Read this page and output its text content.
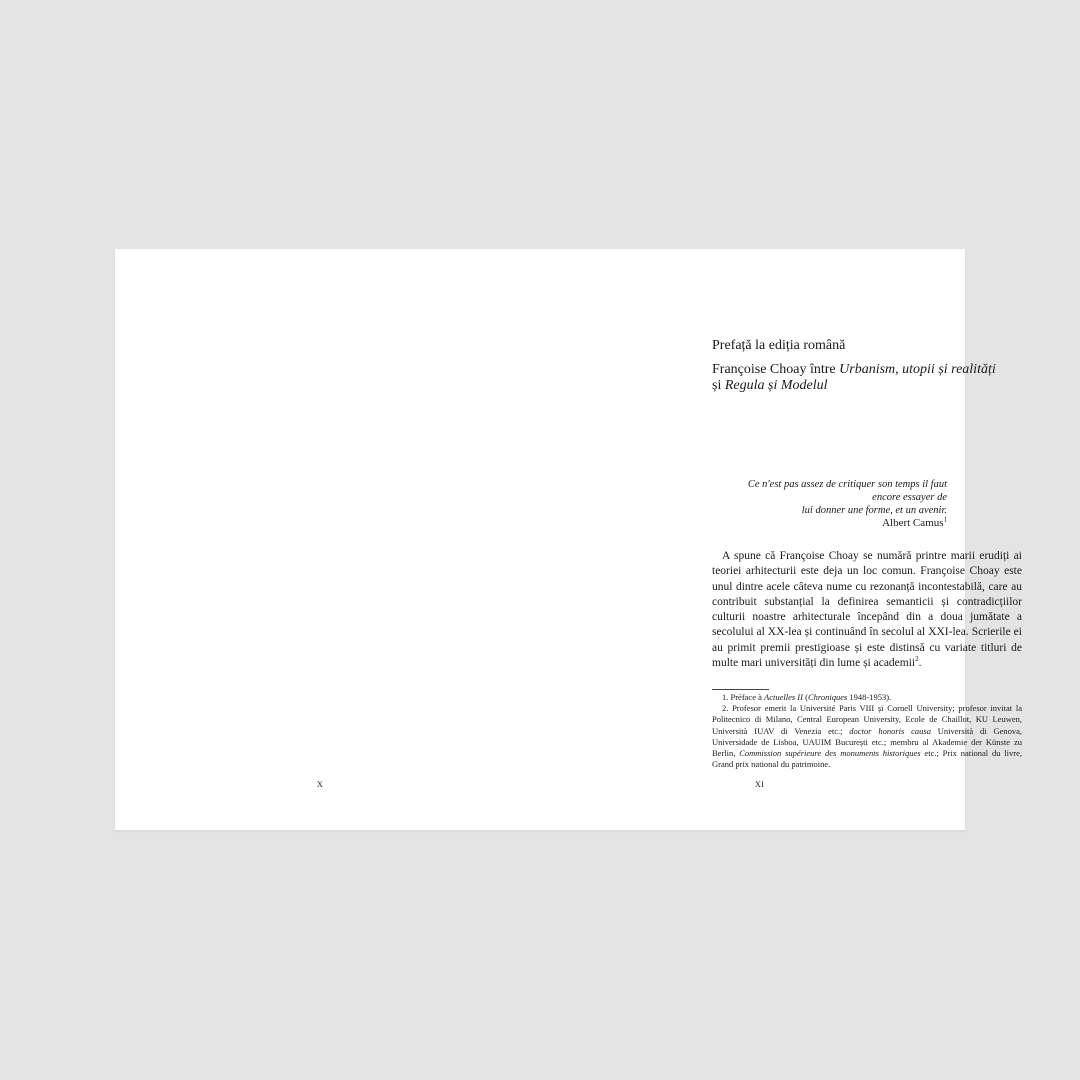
X
Prefață la ediția română
Françoise Choay între Urbanism, utopii și realități
și Regula și Modelul
Ce n'est pas assez de critiquer son temps il faut encore essayer de
lui donner une forme, et un avenir.
Albert Camus$^1$
A spune că Françoise Choay se numără printre marii erudiți ai teoriei arhitecturii este deja un loc comun. Françoise Choay este unul dintre acele câteva nume cu rezonanță incontestabilă, care au contribuit substanțial la definirea semanticii și contradicțiilor culturii noastre arhitecturale începând din a doua jumătate a secolului al XX-lea și continuând în secolul al XXI-lea. Scrierile ei au primit premii prestigioase și este distinsă cu variate titluri de multe mari universități din lume și academii$^2$.

1. Préface à Actuelles II (Chroniques 1948-1953).

2. Profesor emerit la Université Paris VIII și Cornell University; profesor invitat la Politecnico di Milano, Central European University, Ecole de Chaillot, KU Leuwen, Università IUAV di Venezia etc.; doctor honoris causa Università di Genova, Universidade de Lisboa, UAUIM București etc.; membru al Akademie der Künste zu Berlin, Commission supérieure des monuments historiques etc.; Prix national du livre, Grand prix national du patrimoine.

XI
